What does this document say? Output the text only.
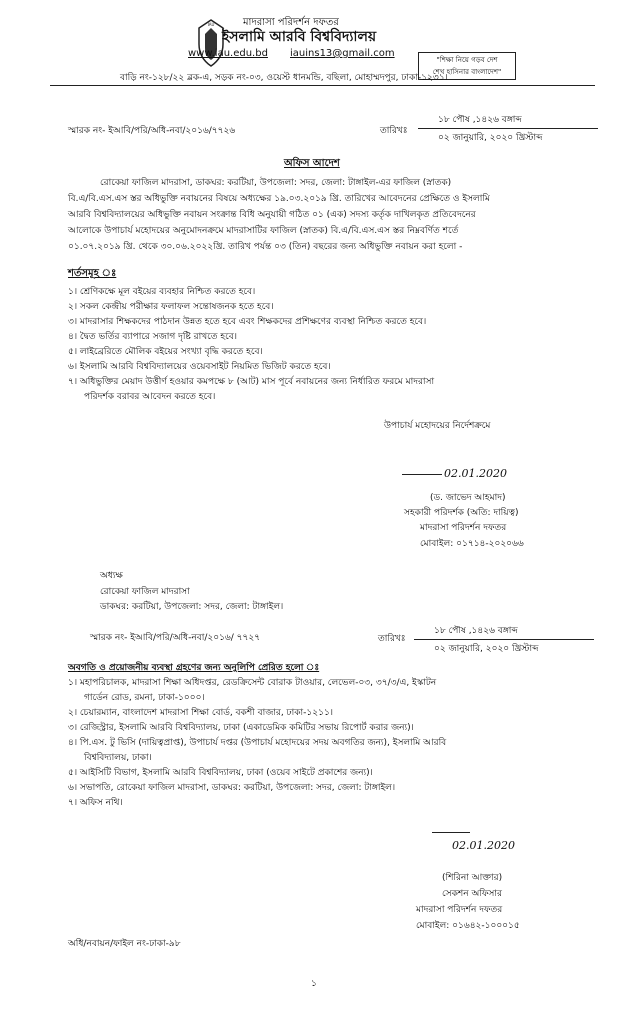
IAU	মাদরাসা পরিদর্শন দফতর
ইসলামি আরবি বিশ্ববিদ্যালয়
www.iau.edu.bd iauins13@gmail.com
"শিক্ষা নিয়ে গড়ব দেশ
শেখ হাসিনার বাংলাদেশ"
বাড়ি নং-১২৮/২২ ব্লক-এ, সড়ক নং-০৩, ওয়েস্ট ধানমন্ডি, বছিলা, মোহাম্মদপুর, ঢাকা-১২৩১।
স্মারক নং- ইআবি/পরি/অধি-নবা/২০১৬/৭৭২৬	তারিখঃ
১৮ পৌষ ,১৪২৬ বঙ্গাব্দ
০২ জানুয়ারি, ২০২০ খ্রিস্টাব্দ
অফিস আদেশ
রোকেয়া ফাজিল মাদরাসা, ডাকঘর: করটিয়া, উপজেলা: সদর, জেলা: টাঙ্গাইল-এর ফাজিল (স্নাতক)
বি.এ/বি.এস.এস স্তর অধিভুক্তি নবায়নের বিষয়ে অধ্যক্ষের ১৯.০৩.২০১৯ খ্রি. তারিখের আবেদনের প্রেক্ষিতে ও ইসলামি
আরবি বিশ্ববিদ্যালয়ের অধিভুক্তি নবায়ন সংক্রান্ত বিধি অনুযায়ী গঠিত ০১ (এক) সদস্য কর্তৃক দাখিলকৃত প্রতিবেদনের
আলোকে উপাচার্য মহোদয়ের অনুমোদনক্রমে মাদরাসাটির ফাজিল (স্নাতক) বি.এ/বি.এস.এস স্তর নিম্নবর্ণিত শর্তে
০১.০৭.২০১৯ খ্রি. থেকে ৩০.০৬.২০২২খ্রি. তারিখ পর্যন্ত ০৩ (তিন) বছরের জন্য অধিভুক্তি নবায়ন করা হলো -
শর্তসমূহ ঃ
১। শ্রেণিকক্ষে মূল বইয়ের ব্যবহার নিশ্চিত করতে হবে।
২। সকল কেন্দ্রীয় পরীক্ষার ফলাফল সন্তোষজনক হতে হবে।
৩। মাদরাসার শিক্ষকদের পাঠদান উন্নত হতে হবে এবং শিক্ষকদের প্রশিক্ষণের ব্যবস্থা নিশ্চিত করতে হবে।
৪। দ্বৈত ভর্তির ব্যাপারে সজাগ দৃষ্টি রাখতে হবে।
৫। লাইব্রেরিতে মৌলিক বইয়ের সংখ্যা বৃদ্ধি করতে হবে।
৬। ইসলামি আরবি বিশ্ববিদ্যালয়ের ওয়েবসাইট নিয়মিত ভিজিট করতে হবে।
৭। অধিভুক্তির মেয়াদ উত্তীর্ণ হওয়ার কমপক্ষে ৮ (আট) মাস পূর্বে নবায়নের জন্য নির্ধারিত ফরমে মাদরাসা
পরিদর্শক বরাবর আবেদন করতে হবে।
উপাচার্য মহোদয়ের নির্দেশক্রমে
02.01.2020
(ড. জাভেদ আহমাদ)
সহকারী পরিদর্শক (অতি: দায়িত্ব)
মাদরাসা পরিদর্শন দফতর
মোবাইল: ০১৭১৪-২০২০৬৬
অধ্যক্ষ
রোকেয়া ফাজিল মাদরাসা
ডাকঘর: করটিয়া, উপজেলা: সদর, জেলা: টাঙ্গাইল।
স্মারক নং- ইআবি/পরি/অধি-নবা/২০১৬/ ৭৭২৭	তারিখঃ
১৮ পৌষ ,১৪২৬ বঙ্গাব্দ
০২ জানুয়ারি, ২০২০ খ্রিস্টাব্দ
অবগতি ও প্রয়োজনীয় ব্যবস্থা গ্রহণের জন্য অনুলিপি প্রেরিত হলো ঃ
১। মহাপরিচালক, মাদরাসা শিক্ষা অধিদপ্তর, রেডক্রিসেন্ট বোরাক টাওয়ার, লেভেল-০৩, ৩৭/৩/এ, ইস্কাটন
গার্ডেন রোড, রমনা, ঢাকা-১০০০।
২। চেয়ারম্যান, বাংলাদেশ মাদরাসা শিক্ষা বোর্ড, বকশী বাজার, ঢাকা-১২১১।
৩। রেজিস্ট্রার, ইসলামি আরবি বিশ্ববিদ্যালয়, ঢাকা (একাডেমিক কমিটির সভায় রিপোর্ট করার জন্য)।
৪। পি.এস. টু ভিসি (দায়িত্বপ্রাপ্ত), উপাচার্য দপ্তর (উপাচার্য মহোদয়ের সদয় অবগতির জন্য), ইসলামি আরবি
বিশ্ববিদ্যালয়, ঢাকা।
৫। আইসিটি বিভাগ, ইসলামি আরবি বিশ্ববিদ্যালয়, ঢাকা (ওয়েব সাইটে প্রকাশের জন্য)।
৬। সভাপতি, রোকেয়া ফাজিল মাদরাসা, ডাকঘর: করটিয়া, উপজেলা: সদর, জেলা: টাঙ্গাইল।
৭। অফিস নথি।
02.01.2020
(শিরিনা আক্তার)
সেকশন অফিসার
মাদরাসা পরিদর্শন দফতর
মোবাইল: ০১৬৪২-১০০০১৫
অধি/নবায়ন/ফাইল নং-ঢাকা-৯৮
১
